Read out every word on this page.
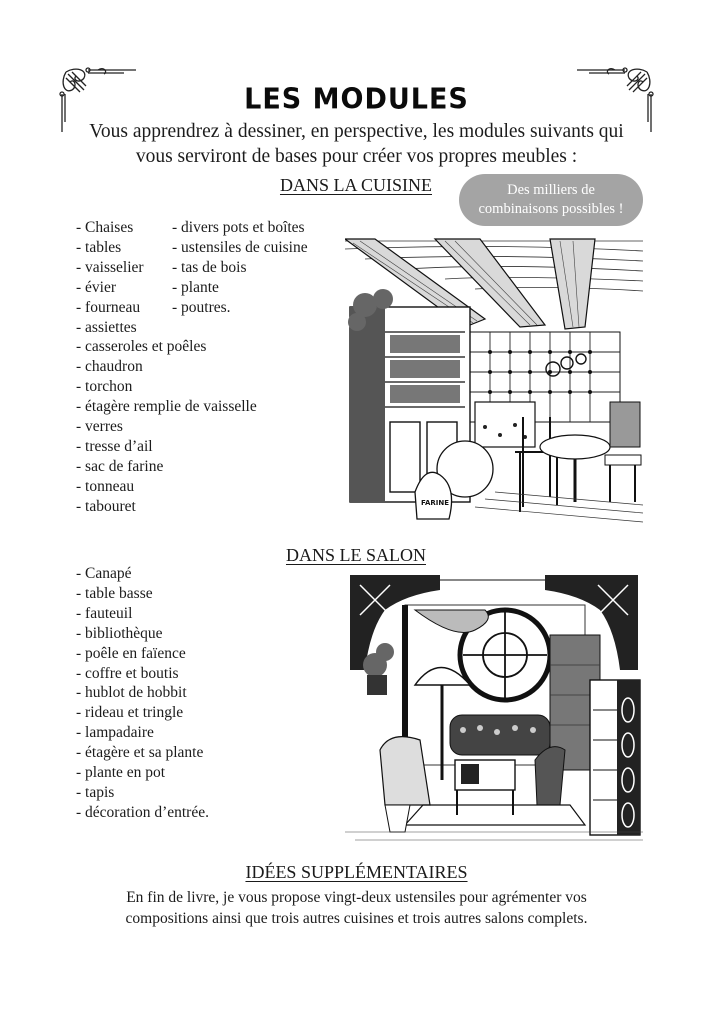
LES MODULES
Vous apprendrez à dessiner, en perspective, les modules suivants qui
vous serviront de bases pour créer vos propres meubles :
DANS LA CUISINE	Des milliers de
combinaisons possibles !
- Chaises
- tables
- vaisselier
- évier
- fourneau
- assiettes
- casseroles et poêles
- chaudron
- torchon
- étagère remplie de vaisselle
- verres
- tresse d’ail
- sac de farine
- tonneau
- tabouret
- divers pots et boîtes
- ustensiles de cuisine
- tas de bois
- plante
- poutres.
FARINE
DANS LE SALON
- Canapé
- table basse
- fauteuil
- bibliothèque
- poêle en faïence
- coffre et boutis
- hublot de hobbit
- rideau et tringle
- lampadaire
- étagère et sa plante
- plante en pot
- tapis
- décoration d’entrée.
IDÉES SUPPLÉMENTAIRES
En fin de livre, je vous propose vingt-deux ustensiles pour agrémenter vos
compositions ainsi que trois autres cuisines et trois autres salons complets.
